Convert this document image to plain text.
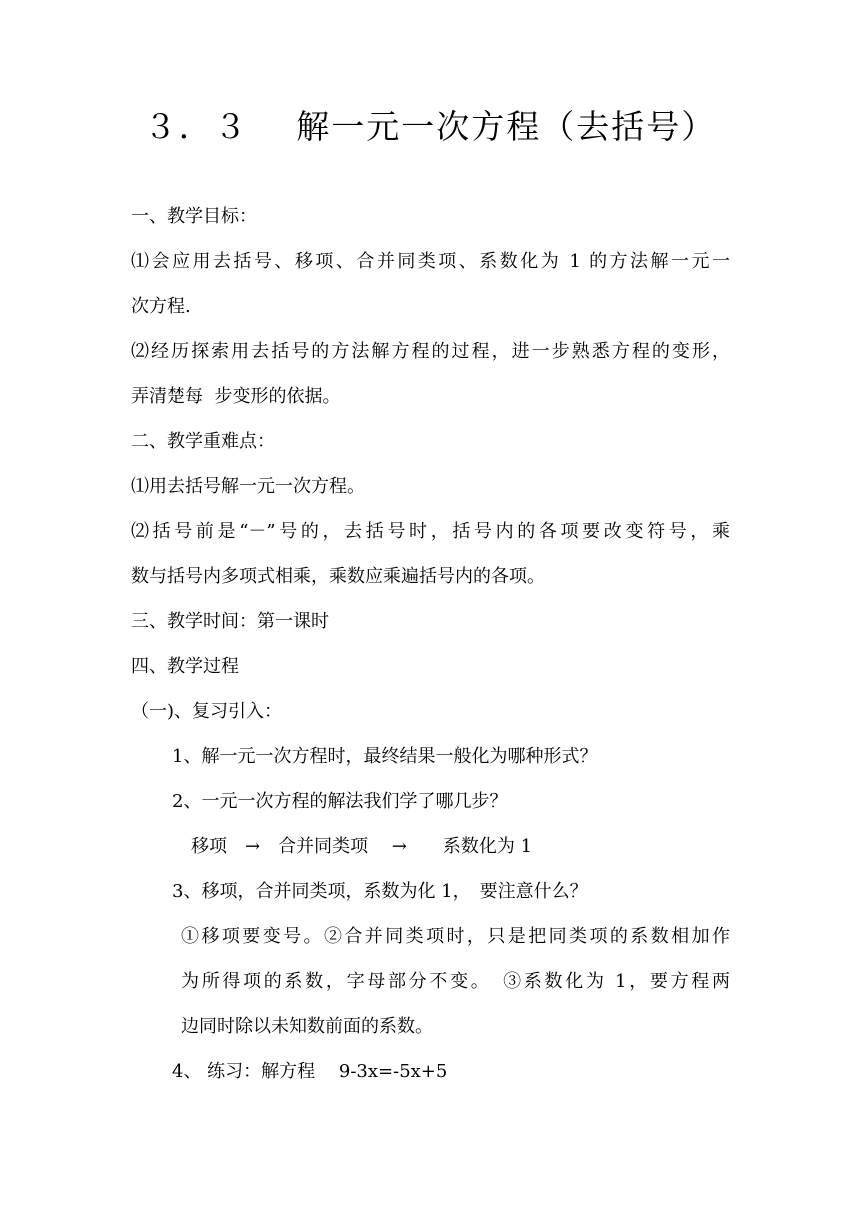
３．３　 解一元一次方程（去括号）
一、教学目标：
⑴会应用去括号、移项、合并同类项、系数化为 1 的方法解一元一
次方程.
⑵经历探索用去括号的方法解方程的过程，进一步熟悉方程的变形，
弄清楚每  步变形的依据。
二、教学重难点：
⑴用去括号解一元一次方程。
⑵括号前是“－”号的，去括号时，括号内的各项要改变符号，乘
数与括号内多项式相乘，乘数应乘遍括号内的各项。
三、教学时间：第一课时
四、教学过程
（一)、复习引入：
1、解一元一次方程时，最终结果一般化为哪种形式？
2、一元一次方程的解法我们学了哪几步？
移项　→　合并同类项　 →　　系数化为 1
3、移项，合并同类项，系数为化 1，　要注意什么？
①移项要变号。②合并同类项时，只是把同类项的系数相加作
为所得项的系数，字母部分不变。　③系数化为 1，要方程两
边同时除以未知数前面的系数。
4、 练习：解方程　 9-3x=-5x+5
